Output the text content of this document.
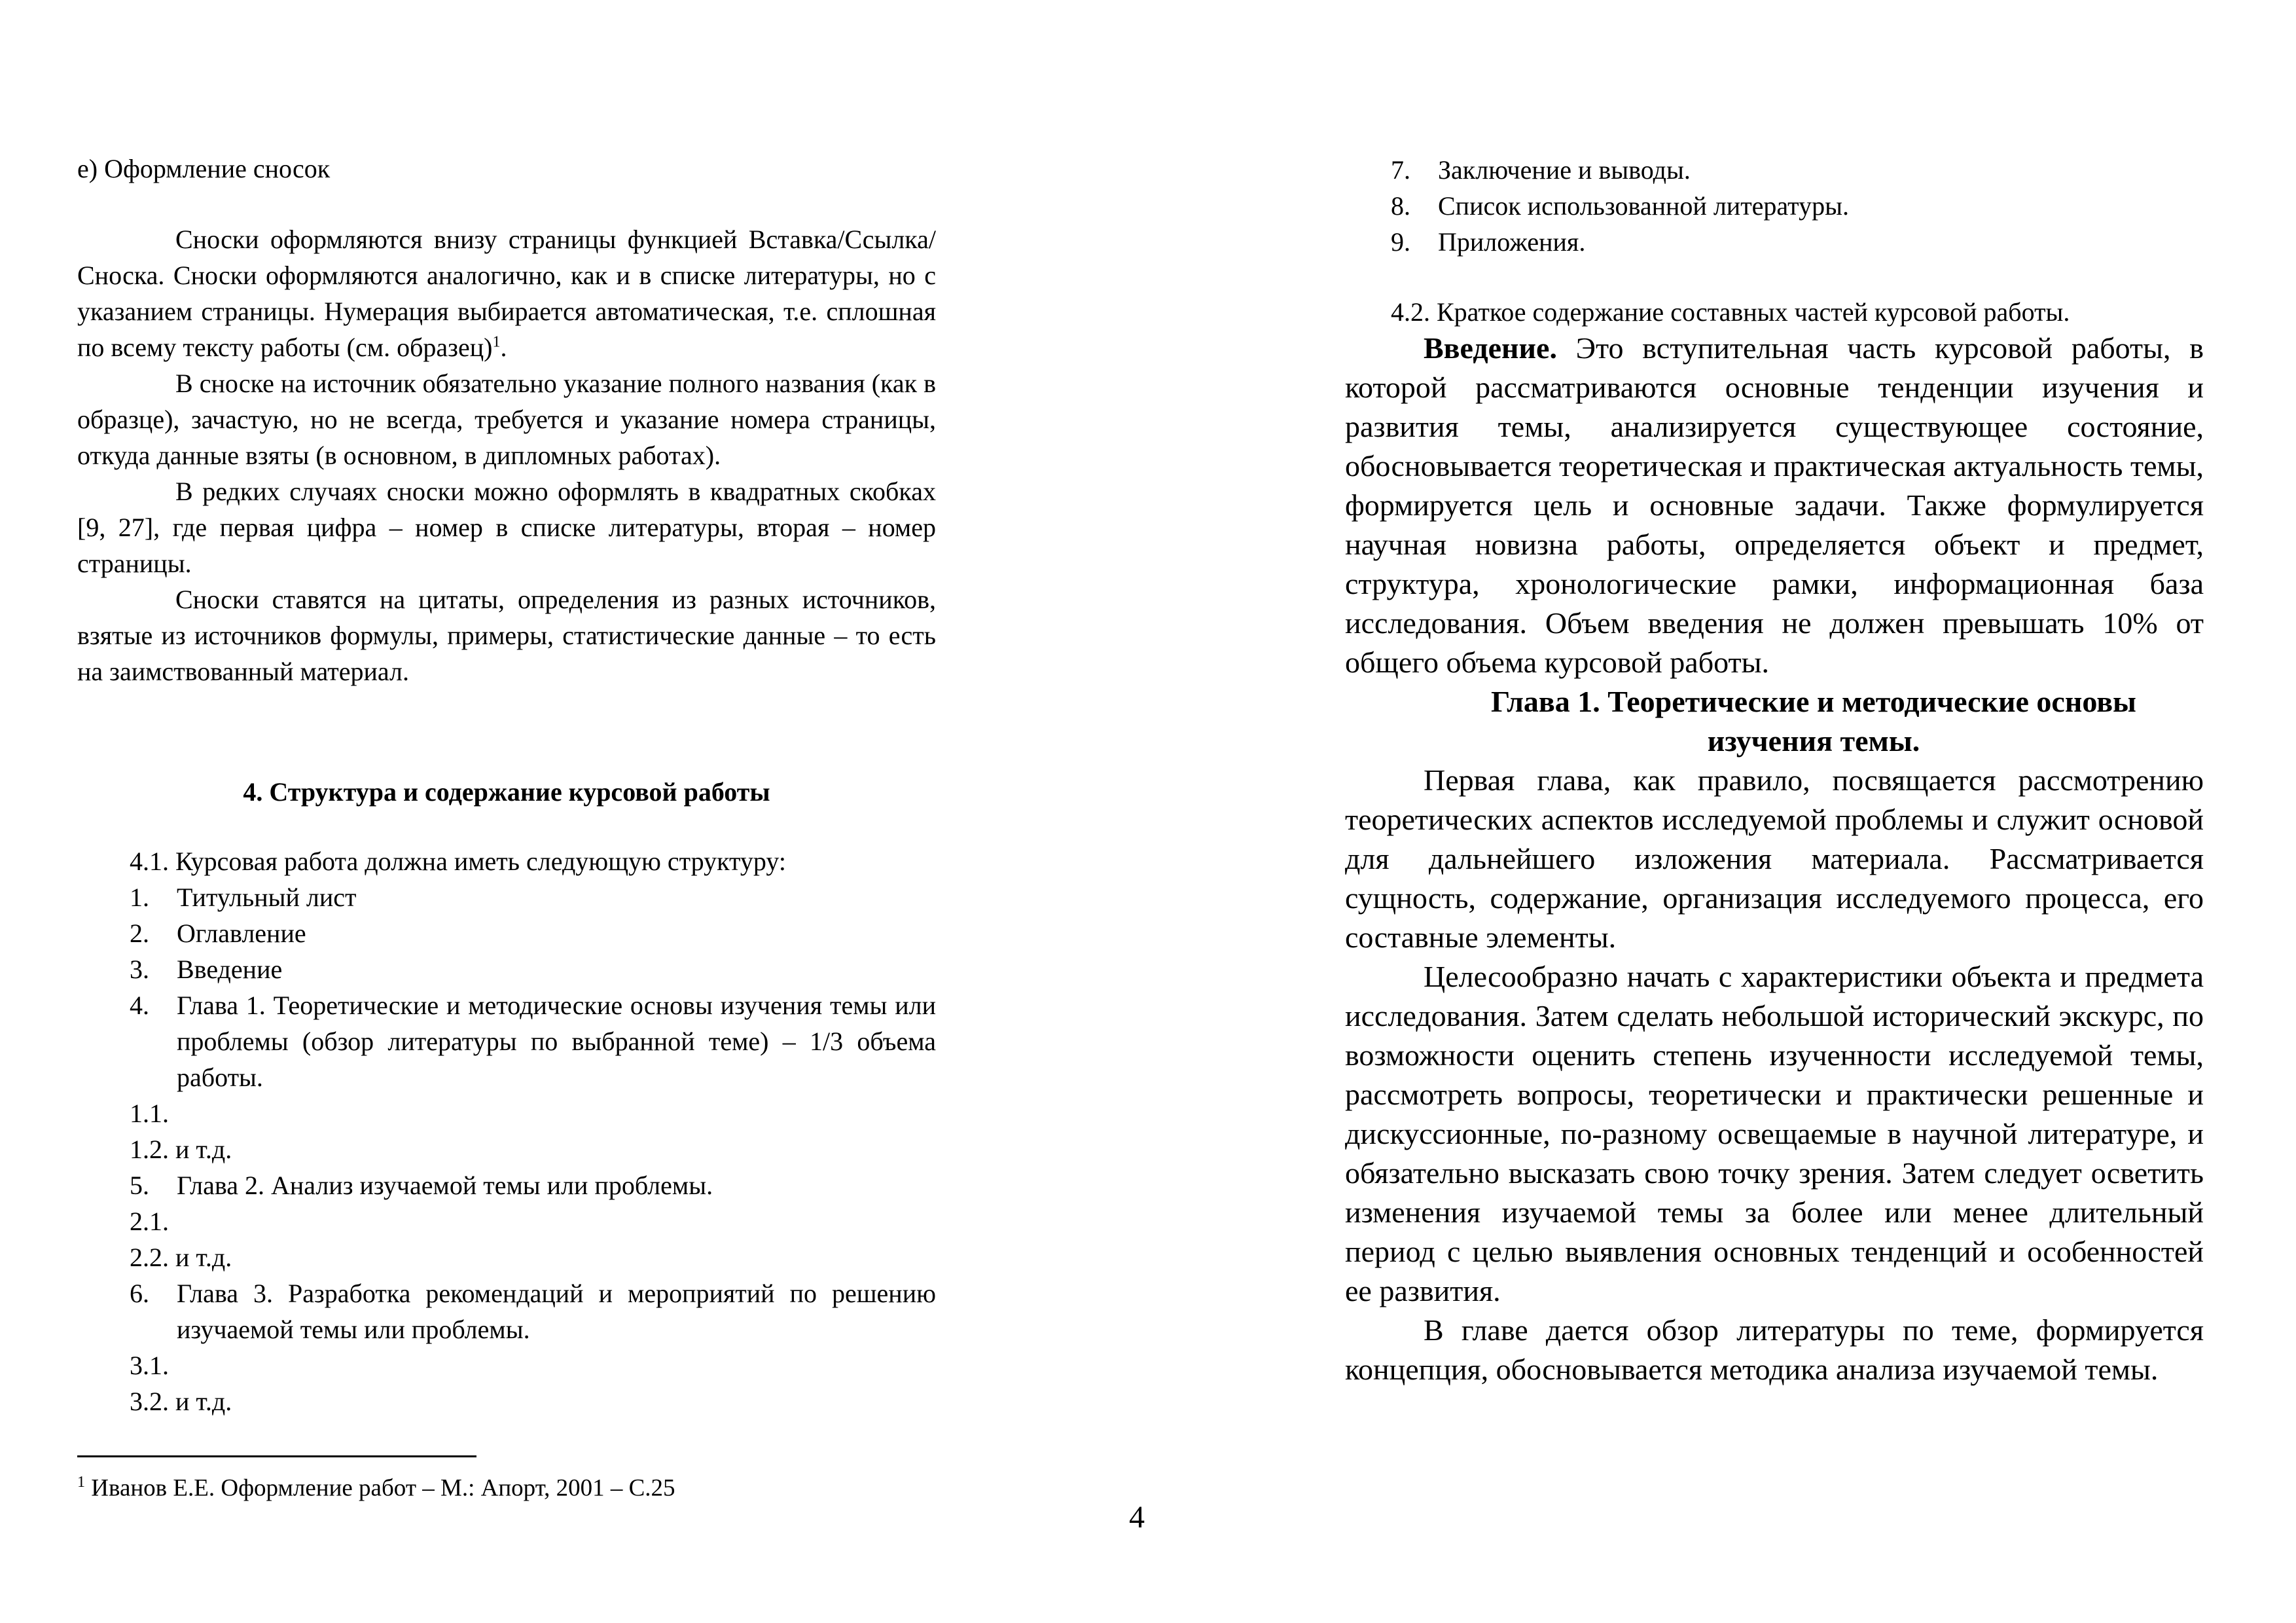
е) Оформление сносок
Сноски оформляются внизу страницы функцией Вставка/Ссылка/Сноска. Сноски оформляются аналогично, как и в списке литературы, но с указанием страницы. Нумерация выбирается автоматическая, т.е. сплошная по всему тексту работы (см. образец)$^1$.
В сноске на источник обязательно указание полного названия (как в образце), зачастую, но не всегда, требуется и указание номера страницы, откуда данные взяты (в основном, в дипломных работах).
В редких случаях сноски можно оформлять в квадратных скобках [9, 27], где первая цифра – номер в списке литературы, вторая – номер страницы.
Сноски ставятся на цитаты, определения из разных источников, взятые из источников формулы, примеры, статистические данные – то есть на заимствованный материал.
4. Структура и содержание курсовой работы
4.1. Курсовая работа должна иметь следующую структуру:
1.	Титульный лист
2.	Оглавление
3.	Введение
4.	Глава 1. Теоретические и методические основы изучения темы или проблемы (обзор литературы по выбранной теме) – 1/3 объема работы.
1.1.
1.2. и т.д.
5.	Глава 2. Анализ изучаемой темы или проблемы.
2.1.
2.2. и т.д.
6.	Глава 3. Разработка рекомендаций и мероприятий по решению изучаемой темы или проблемы.
3.1.
3.2. и т.д.
$^1$ Иванов Е.Е. Оформление работ – М.: Апорт, 2001 – С.25
4
7.	Заключение и выводы.
8.	Список использованной литературы.
9.	Приложения.
4.2. Краткое содержание составных частей курсовой работы.
Введение. Это вступительная часть курсовой работы, в которой рассматриваются основные тенденции изучения и развития темы, анализируется существующее состояние, обосновывается теоретическая и практическая актуальность темы, формируется цель и основные задачи. Также формулируется научная новизна работы, определяется объект и предмет, структура, хронологические рамки, информационная база исследования. Объем введения не должен превышать 10% от общего объема курсовой работы.
Глава 1. Теоретические и методические основы
изучения темы.
Первая глава, как правило, посвящается рассмотрению теоретических аспектов исследуемой проблемы и служит основой для дальнейшего изложения материала. Рассматривается сущность, содержание, организация исследуемого процесса, его составные элементы.
Целесообразно начать с характеристики объекта и предмета исследования. Затем сделать небольшой исторический экскурс, по возможности оценить степень изученности исследуемой темы, рассмотреть вопросы, теоретически и практически решенные и дискуссионные, по-разному освещаемые в научной литературе, и обязательно высказать свою точку зрения. Затем следует осветить изменения изучаемой темы за более или менее длительный период с целью выявления основных тенденций и особенностей ее развития.
В главе дается обзор литературы по теме, формируется концепция, обосновывается методика анализа изучаемой темы.
